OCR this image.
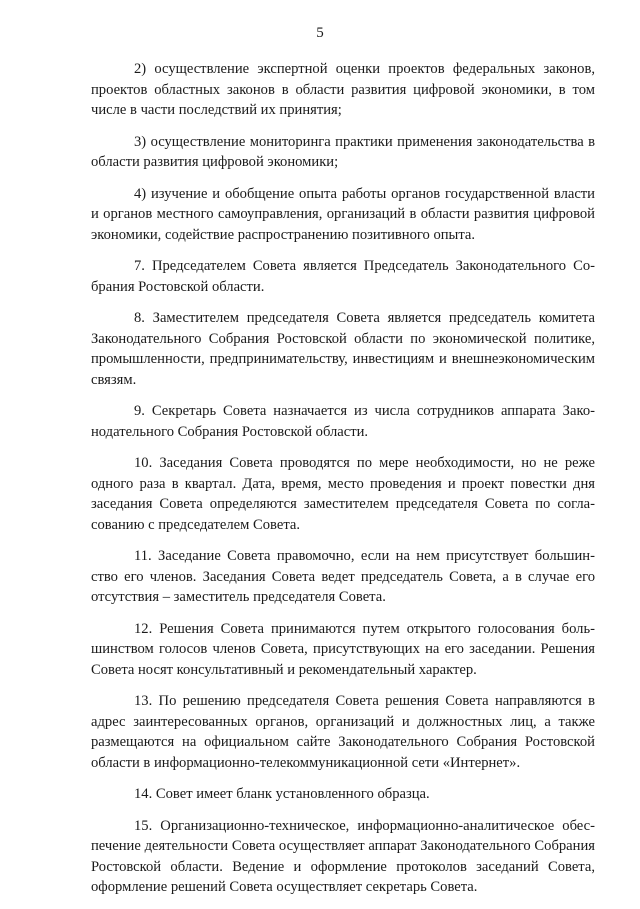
5

2) осуществление экспертной оценки проектов федеральных законов, проектов областных законов в области развития цифровой экономики, в том числе в части последствий их принятия;

3) осуществление мониторинга практики применения законодательства в области развития цифровой экономики;

4) изучение и обобщение опыта работы органов государственной власти и органов местного самоуправления, организаций в области развития цифровой экономики, содействие распространению позитивного опыта.

7. Председателем Совета является Председатель Законодательного Собрания Ростовской области.

8. Заместителем председателя Совета является председатель комитета Законодательного Собрания Ростовской области по экономической политике, промышленности, предпринимательству, инвестициям и внешнеэкономическим связям.

9. Секретарь Совета назначается из числа сотрудников аппарата Законодательного Собрания Ростовской области.

10. Заседания Совета проводятся по мере необходимости, но не реже одного раза в квартал. Дата, время, место проведения и проект повестки дня заседания Совета определяются заместителем председателя Совета по согласованию с председателем Совета.

11. Заседание Совета правомочно, если на нем присутствует большинство его членов. Заседания Совета ведет председатель Совета, а в случае его отсутствия – заместитель председателя Совета.

12. Решения Совета принимаются путем открытого голосования большинством голосов членов Совета, присутствующих на его заседании. Решения Совета носят консультативный и рекомендательный характер.

13. По решению председателя Совета решения Совета направляются в адрес заинтересованных органов, организаций и должностных лиц, а также размещаются на официальном сайте Законодательного Собрания Ростовской области в информационно-телекоммуникационной сети «Интернет».

14. Совет имеет бланк установленного образца.

15. Организационно-техническое, информационно-аналитическое обеспечение деятельности Совета осуществляет аппарат Законодательного Собрания Ростовской области. Ведение и оформление протоколов заседаний Совета, оформление решений Совета осуществляет секретарь Совета.
